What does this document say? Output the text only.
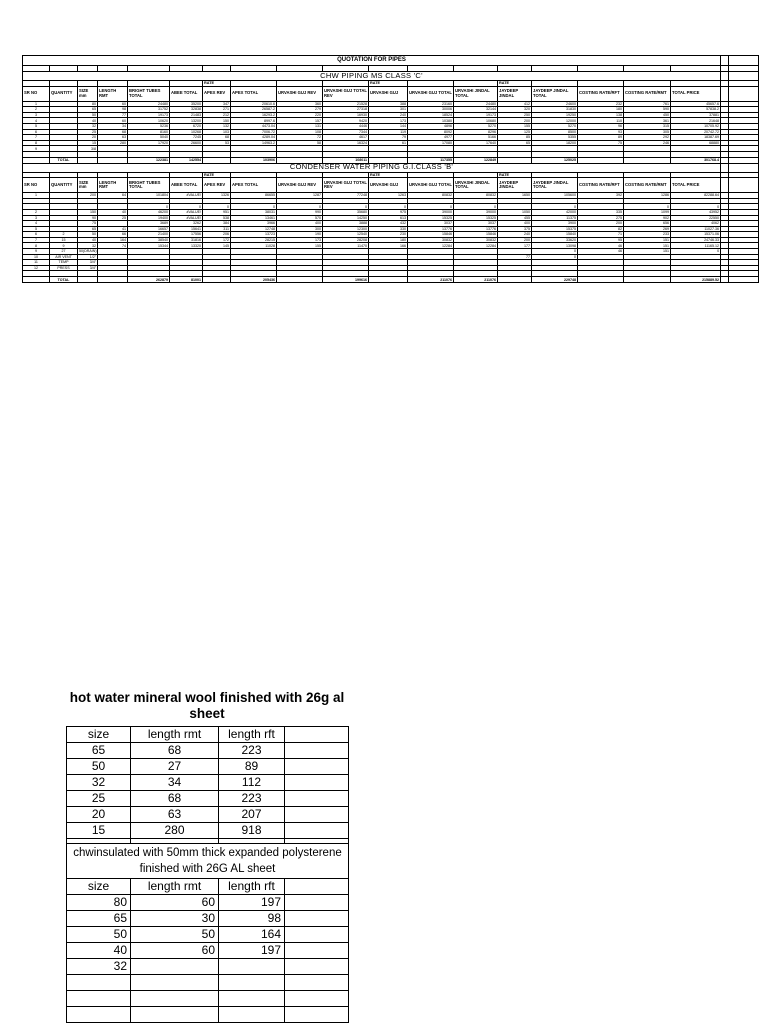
QUOTATION FOR PIPES																			

CHW PIPING MS CLASS 'C'																			
						RATE				RATE			RATE						
SR NO	QUANTITY	SIZE mm	LENGTH RMT	BRIGHT TUBES TOTAL	ABEE TOTAL	APEX REV	APEX TOTAL	URVASHI GUJ REV	URVASHI GUJ TOTAL REV	URVASHI GUJ	URVASHI GUJ TOTAL	URVASHI JINDAL TOTAL	JAYDEEP JINDAL	JAYDEEP JINDAL TOTAL	COSTING RATE/RFT	COSTING RATE/RMT	TOTAL PRICE		
1		80	60	24480	35200	347	20610.6	360	21528	388	23160	24480	412	24600	232	761	45657.6		
2		65	98	31752	32838	271	26587.2	279	27318	301	30006	32144	320	31830	180	590	57838.2		
3		50	77	19173	21483	212	16293.2	220	16930	240	18524	19173	250	19250	138	450	37881		
4		40	60	10620	13200	150	8997.6	157	9420	173	10380	10680	200	12000	110	361	21648		
5		32	34	5236	6720	132	4473.04	131	4446	144	4896	5270	155	5270	96	315	10705.92		
6		25	68	8160	10268	103	7006.72	108	7344	119	8092	8296	125	8500	93	305	20742.72		
7		20	63	5040	7245	68	4289.04	72	4617	79	4977	5166	85	5355	89	292	18387.69		
8		15	280	17920	26600	53	14963.2	58	16324	61	17080	17640	65	18200	75	246	68880		
9		3/8																	

	TOTAL			122381	142554		103906		108011		117355	122849		125025			301768.4		
CONDENSER WATER PIPING G.I.CLASS 'B'																			
						RATE				RATE			RATE						
SR NO	QUANTITY	SIZE mm	LENGTH RMT	BRIGHT TUBES TOTAL	ABEE TOTAL	APEX REV	APEX TOTAL	URVASHI GUJ REV	URVASHI GUJ TOTAL REV	URVASHI GUJ	URVASHI GUJ TOTAL	URVASHI JINDAL TOTAL	JAYDEEP JINDAL	JAYDEEP JINDAL TOTAL	COSTING RATE/RFT	COSTING RATE/RMT	TOTAL PRICE		
1		200	64	101804	#VALUE!	1326	86655	1287	77248	1263	80832	80832	1650	105600	392	1286	82288.64		

				0	0	0	0	0	0	0	0	0		0		0	0		
2		150	40	46200	#VALUE!	951	38031	990	35680	975	39000	39000	1050	42000	335	1099	43952		
3		90	25	19400	#VALUE!	538	13461	570	14250	613	15325	15325	455	11375	275	902	22550		
4		75		3689	3262	384	3966	400	3888	432	3037	3037	400	3900	200	656	4062		
5		65	41	16657	15641	311	12748	300	12300	330	13776	13776	375	15375	82	269	11027.36		
6	2	50	66	21400	17556	206	13723	190	12540	230	15846	15846	240	15840	71	233	15371.06		
7	15	40	164	38540	31816	172	28215	173	28208	180	30832	30832	200	33620	95	151	24746.33		
8	9	32	74	15344	13320	145	11028	155	11470	166	12284	12284	177	13098	46	151	11165.12		
9	27	50(DRAIN)												0	46	151	0		
10	AIR VENT	1/2"											77	0					
11	TEMP	3/4"																	
12	PRESS	3/4"																	

	TOTAL			262879	81001		205436		199616		211076	211076		229748			215889.52		
hot water mineral wool finished with 26g al sheet
size	length rmt	length rft	
65	68	223	
50	27	89	
32	34	112	
25	68	223	
20	63	207	
15	280	918	

chwinsulated with 50mm thick expanded polysterene finished with 26G AL sheet			
size	length rmt	length rft	
80	60	197	
65	30	98	
50	50	164	
40	60	197	
32			
